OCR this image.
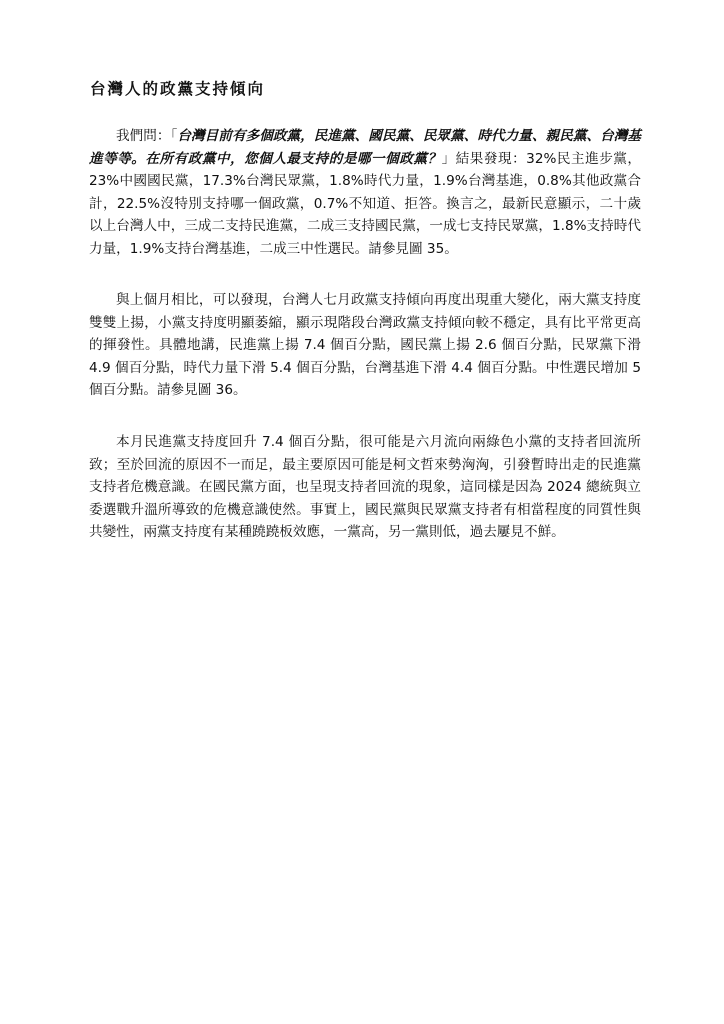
台灣人的政黨支持傾向

我們問：「台灣目前有多個政黨，民進黨、國民黨、民眾黨、時代力量、親民黨、台灣基進等等。在所有政黨中，您個人最支持的是哪一個政黨？」結果發現：32%民主進步黨，23%中國國民黨，17.3%台灣民眾黨，1.8%時代力量，1.9%台灣基進，0.8%其他政黨合計，22.5%沒特別支持哪一個政黨，0.7%不知道、拒答。換言之，最新民意顯示，二十歲以上台灣人中，三成二支持民進黨，二成三支持國民黨，一成七支持民眾黨，1.8%支持時代力量，1.9%支持台灣基進，二成三中性選民。請參見圖 35。

與上個月相比，可以發現，台灣人七月政黨支持傾向再度出現重大變化，兩大黨支持度雙雙上揚，小黨支持度明顯萎縮，顯示現階段台灣政黨支持傾向較不穩定，具有比平常更高的揮發性。具體地講，民進黨上揚 7.4 個百分點，國民黨上揚 2.6 個百分點，民眾黨下滑 4.9 個百分點，時代力量下滑 5.4 個百分點，台灣基進下滑 4.4 個百分點。中性選民增加 5 個百分點。請參見圖 36。

本月民進黨支持度回升 7.4 個百分點，很可能是六月流向兩綠色小黨的支持者回流所致；至於回流的原因不一而足，最主要原因可能是柯文哲來勢洶洶，引發暫時出走的民進黨支持者危機意識。在國民黨方面，也呈現支持者回流的現象，這同樣是因為 2024 總統與立委選戰升溫所導致的危機意識使然。事實上，國民黨與民眾黨支持者有相當程度的同質性與共變性，兩黨支持度有某種蹺蹺板效應，一黨高，另一黨則低，過去屢見不鮮。
